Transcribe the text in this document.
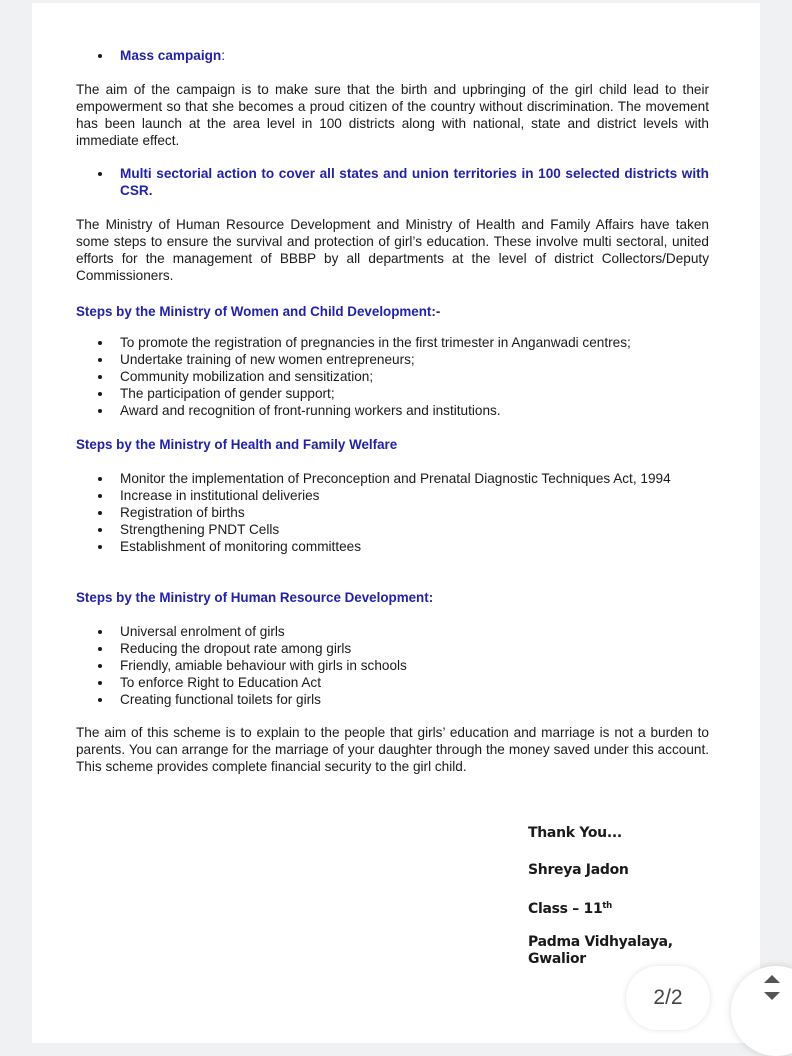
Mass campaign:
The aim of the campaign is to make sure that the birth and upbringing of the girl child lead to their empowerment so that she becomes a proud citizen of the country without discrimination. The movement has been launch at the area level in 100 districts along with national, state and district levels with immediate effect.
Multi sectorial action to cover all states and union territories in 100 selected districts with CSR.
The Ministry of Human Resource Development and Ministry of Health and Family Affairs have taken some steps to ensure the survival and protection of girl’s education. These involve multi sectoral, united efforts for the management of BBBP by all departments at the level of district Collectors/Deputy Commissioners.
Steps by the Ministry of Women and Child Development:-
To promote the registration of pregnancies in the first trimester in Anganwadi centres;
Undertake training of new women entrepreneurs;
Community mobilization and sensitization;
The participation of gender support;
Award and recognition of front-running workers and institutions.
Steps by the Ministry of Health and Family Welfare
Monitor the implementation of Preconception and Prenatal Diagnostic Techniques Act, 1994
Increase in institutional deliveries
Registration of births
Strengthening PNDT Cells
Establishment of monitoring committees
Steps by the Ministry of Human Resource Development:
Universal enrolment of girls
Reducing the dropout rate among girls
Friendly, amiable behaviour with girls in schools
To enforce Right to Education Act
Creating functional toilets for girls
The aim of this scheme is to explain to the people that girls’ education and marriage is not a burden to parents. You can arrange for the marriage of your daughter through the money saved under this account. This scheme provides complete financial security to the girl child.
Thank You...
Shreya Jadon
Class – 11th
Padma Vidhyalaya, Gwalior
2/2
